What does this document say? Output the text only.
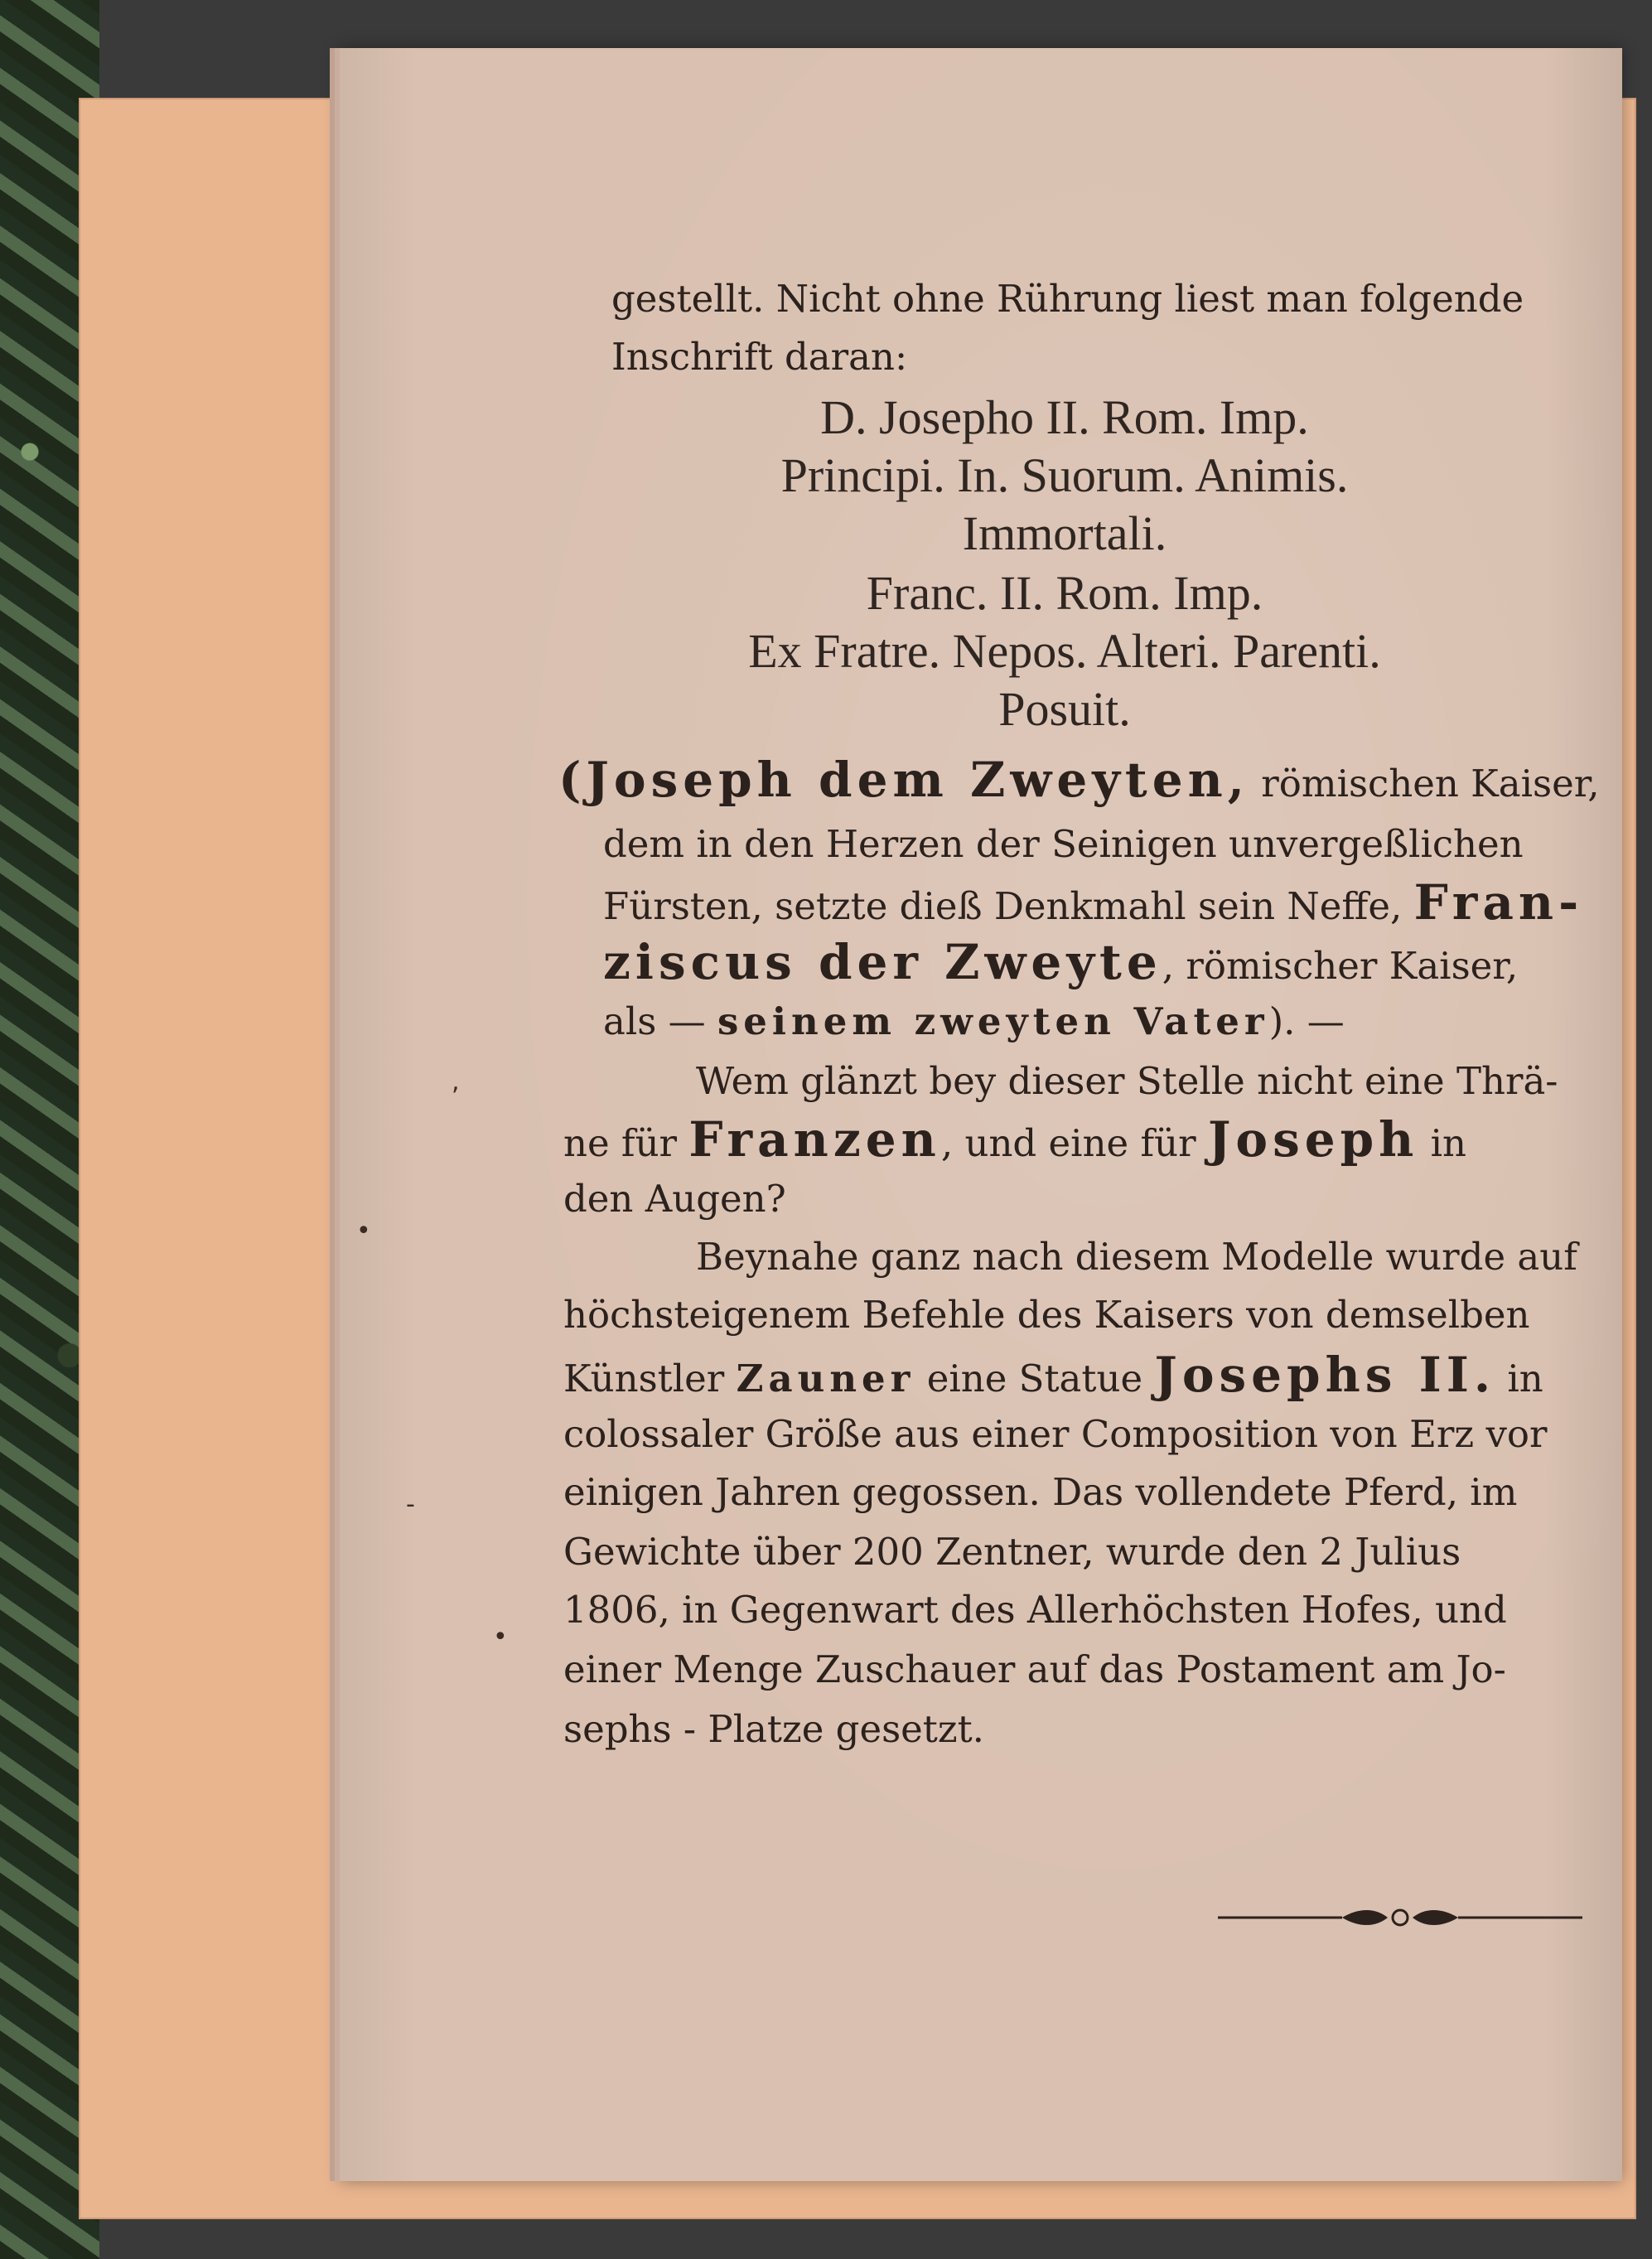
,
•
-
•

gestellt. Nicht ohne Rührung liest man folgende

Inschrift daran:

D. Josepho II. Rom. Imp.

Principi. In. Suorum. Animis.

Immortali.

Franc. II. Rom. Imp.

Ex Fratre. Nepos. Alteri. Parenti.

Posuit.

(Joseph dem Zweyten, römischen Kaiser,

dem in den Herzen der Seinigen unvergeßlichen

Fürsten, setzte dieß Denkmahl sein Neffe, Fran-

ziscus der Zweyte, römischer Kaiser,

als — seinem zweyten Vater). —

Wem glänzt bey dieser Stelle nicht eine Thrä-

ne für Franzen, und eine für Joseph in

den Augen?

Beynahe ganz nach diesem Modelle wurde auf

höchsteigenem Befehle des Kaisers von demselben

Künstler Zauner eine Statue Josephs II. in

colossaler Größe aus einer Composition von Erz vor

einigen Jahren gegossen. Das vollendete Pferd, im

Gewichte über 200 Zentner, wurde den 2 Julius

1806, in Gegenwart des Allerhöchsten Hofes, und

einer Menge Zuschauer auf das Postament am Jo-

sephs - Platze gesetzt.
